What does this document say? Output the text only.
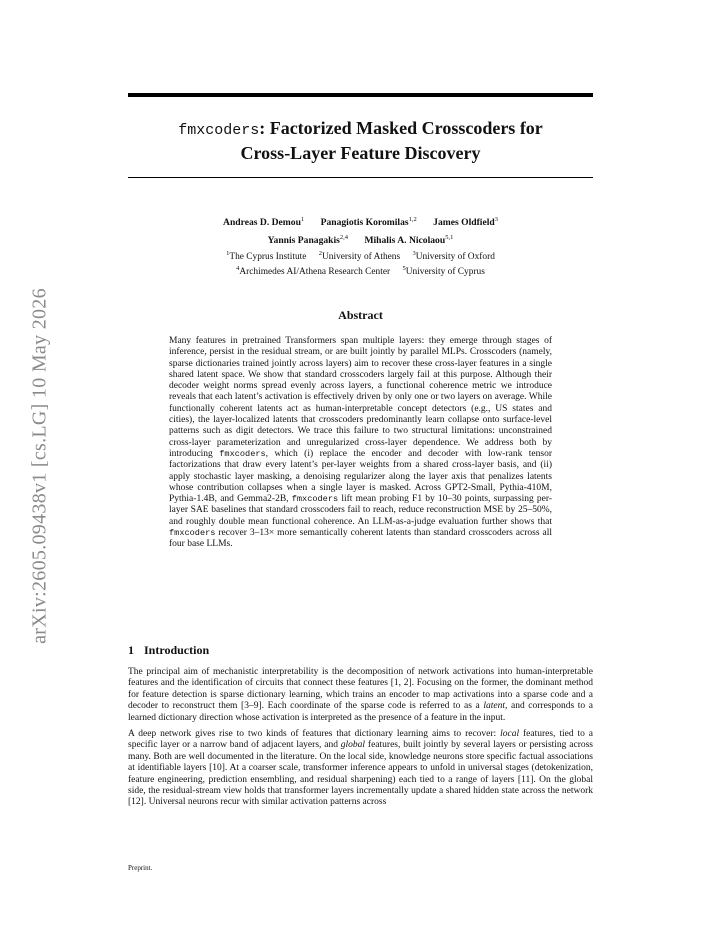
arXiv:2605.09438v1 [cs.LG] 10 May 2026
fmxcoders: Factorized Masked Crosscoders for
Cross-Layer Feature Discovery
Andreas D. Demou$^1$ Panagiotis Koromilas$^{1,2}$ James Oldfield$^3$
Yannis Panagakis$^{2,4}$ Mihalis A. Nicolaou$^{5,1}$
$^1$The Cyprus Institute $^2$University of Athens $^3$University of Oxford
$^4$Archimedes AI/Athena Research Center $^5$University of Cyprus
Abstract
Many features in pretrained Transformers span multiple layers: they emerge through stages of inference, persist in the residual stream, or are built jointly by parallel MLPs. Crosscoders (namely, sparse dictionaries trained jointly across layers) aim to recover these cross-layer features in a single shared latent space. We show that standard crosscoders largely fail at this purpose. Although their decoder weight norms spread evenly across layers, a functional coherence metric we introduce reveals that each latent’s activation is effectively driven by only one or two layers on average. While functionally coherent latents act as human-interpretable concept detectors (e.g., US states and cities), the layer-localized latents that crosscoders predominantly learn collapse onto surface-level patterns such as digit detectors. We trace this failure to two structural limitations: unconstrained cross-layer parameterization and unregularized cross-layer dependence. We address both by introducing fmxcoders, which (i) replace the encoder and decoder with low-rank tensor factorizations that draw every latent’s per-layer weights from a shared cross-layer basis, and (ii) apply stochastic layer masking, a denoising regularizer along the layer axis that penalizes latents whose contribution collapses when a single layer is masked. Across GPT2-Small, Pythia-410M, Pythia-1.4B, and Gemma2-2B, fmxcoders lift mean probing F1 by 10–30 points, surpassing per-layer SAE baselines that standard crosscoders fail to reach, reduce reconstruction MSE by 25–50%, and roughly double mean functional coherence. An LLM-as-a-judge evaluation further shows that fmxcoders recover 3–13× more semantically coherent latents than standard crosscoders across all four base LLMs.
1 Introduction

The principal aim of mechanistic interpretability is the decomposition of network activations into human-interpretable features and the identification of circuits that connect these features [1, 2]. Focusing on the former, the dominant method for feature detection is sparse dictionary learning, which trains an encoder to map activations into a sparse code and a decoder to reconstruct them [3–9]. Each coordinate of the sparse code is referred to as a latent, and corresponds to a learned dictionary direction whose activation is interpreted as the presence of a feature in the input.

A deep network gives rise to two kinds of features that dictionary learning aims to recover: local features, tied to a specific layer or a narrow band of adjacent layers, and global features, built jointly by several layers or persisting across many. Both are well documented in the literature. On the local side, knowledge neurons store specific factual associations at identifiable layers [10]. At a coarser scale, transformer inference appears to unfold in universal stages (detokenization, feature engineering, prediction ensembling, and residual sharpening) each tied to a range of layers [11]. On the global side, the residual-stream view holds that transformer layers incrementally update a shared hidden state across the network [12]. Universal neurons recur with similar activation patterns across

Preprint.
